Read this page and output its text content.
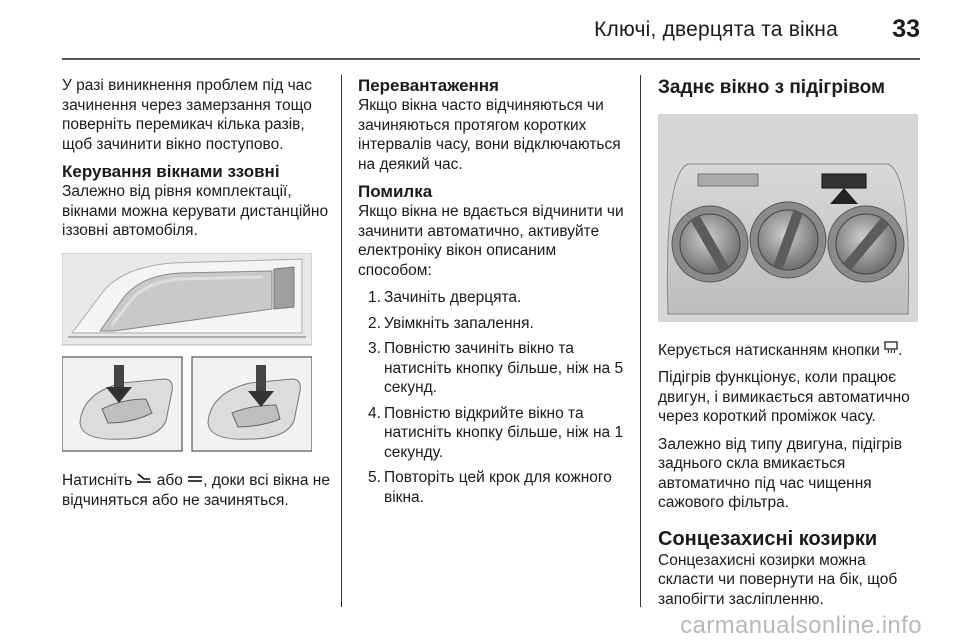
Ключі, дверцята та вікна 33

У разі виникнення проблем під час зачинення через замерзання тощо поверніть перемикач кілька разів, щоб зачинити вікно поступово.

Керування вікнами ззовні

Залежно від рівня комплектації, вікнами можна керувати дистанційно іззовні автомобіля.

Натисніть або , доки всі вікна не відчиняться або не зачиняться.

Перевантаження

Якщо вікна часто відчиняються чи зачиняються протягом коротких інтервалів часу, вони відключаються на деякий час.

Помилка

Якщо вікна не вдається відчинити чи зачинити автоматично, активуйте електроніку вікон описаним способом:

1. Зачиніть дверцята.
2. Увімкніть запалення.
3. Повністю зачиніть вікно та натисніть кнопку більше, ніж на 5 секунд.
4. Повністю відкрийте вікно та натисніть кнопку більше, ніж на 1 секунду.
5. Повторіть цей крок для кожного вікна.
Заднє вікно з підігрівом

Керується натисканням кнопки .

Підігрів функціонує, коли працює двигун, і вимикається автоматично через короткий проміжок часу.

Залежно від типу двигуна, підігрів заднього скла вмикається автоматично під час чищення сажового фільтра.

Сонцезахисні козирки

Сонцезахисні козирки можна скласти чи повернути на бік, щоб запобігти засліпленню.

carmanualsonline.info
